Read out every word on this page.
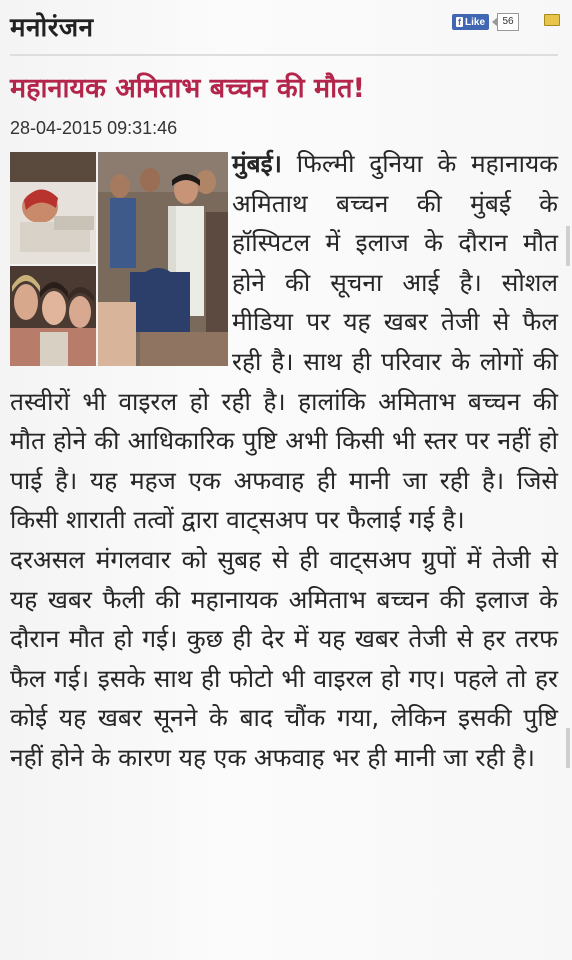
मनोरंजन	f Like	56
महानायक अमिताभ बच्चन की मौत!
28-04-2015 09:31:46

मुंबई। फिल्मी दुनिया के महानायक अमिताथ बच्चन की मुंबई के हॉस्पिटल में इलाज के दौरान मौत होने की सूचना आई है। सोशल मीडिया पर यह खबर तेजी से फैल रही है। साथ ही परिवार के लोगों की तस्वीरों भी वाइरल हो रही है। हालांकि अमिताभ बच्चन की मौत होने की आधिकारिक पुष्टि अभी किसी भी स्तर पर नहीं हो पाई है। यह महज एक अफवाह ही मानी जा रही है। जिसे किसी शाराती तत्वों द्वारा वाट्सअप पर फैलाई गई है।

दरअसल मंगलवार को सुबह से ही वाट्सअप ग्रुपों में तेजी से यह खबर फैली की महानायक अमिताभ बच्चन की इलाज के दौरान मौत हो गई। कुछ ही देर में यह खबर तेजी से हर तरफ फैल गई। इसके साथ ही फोटो भी वाइरल हो गए। पहले तो हर कोई यह खबर सूनने के बाद चौंक गया, लेकिन इसकी पुष्टि नहीं होने के कारण यह एक अफवाह भर ही मानी जा रही है।
